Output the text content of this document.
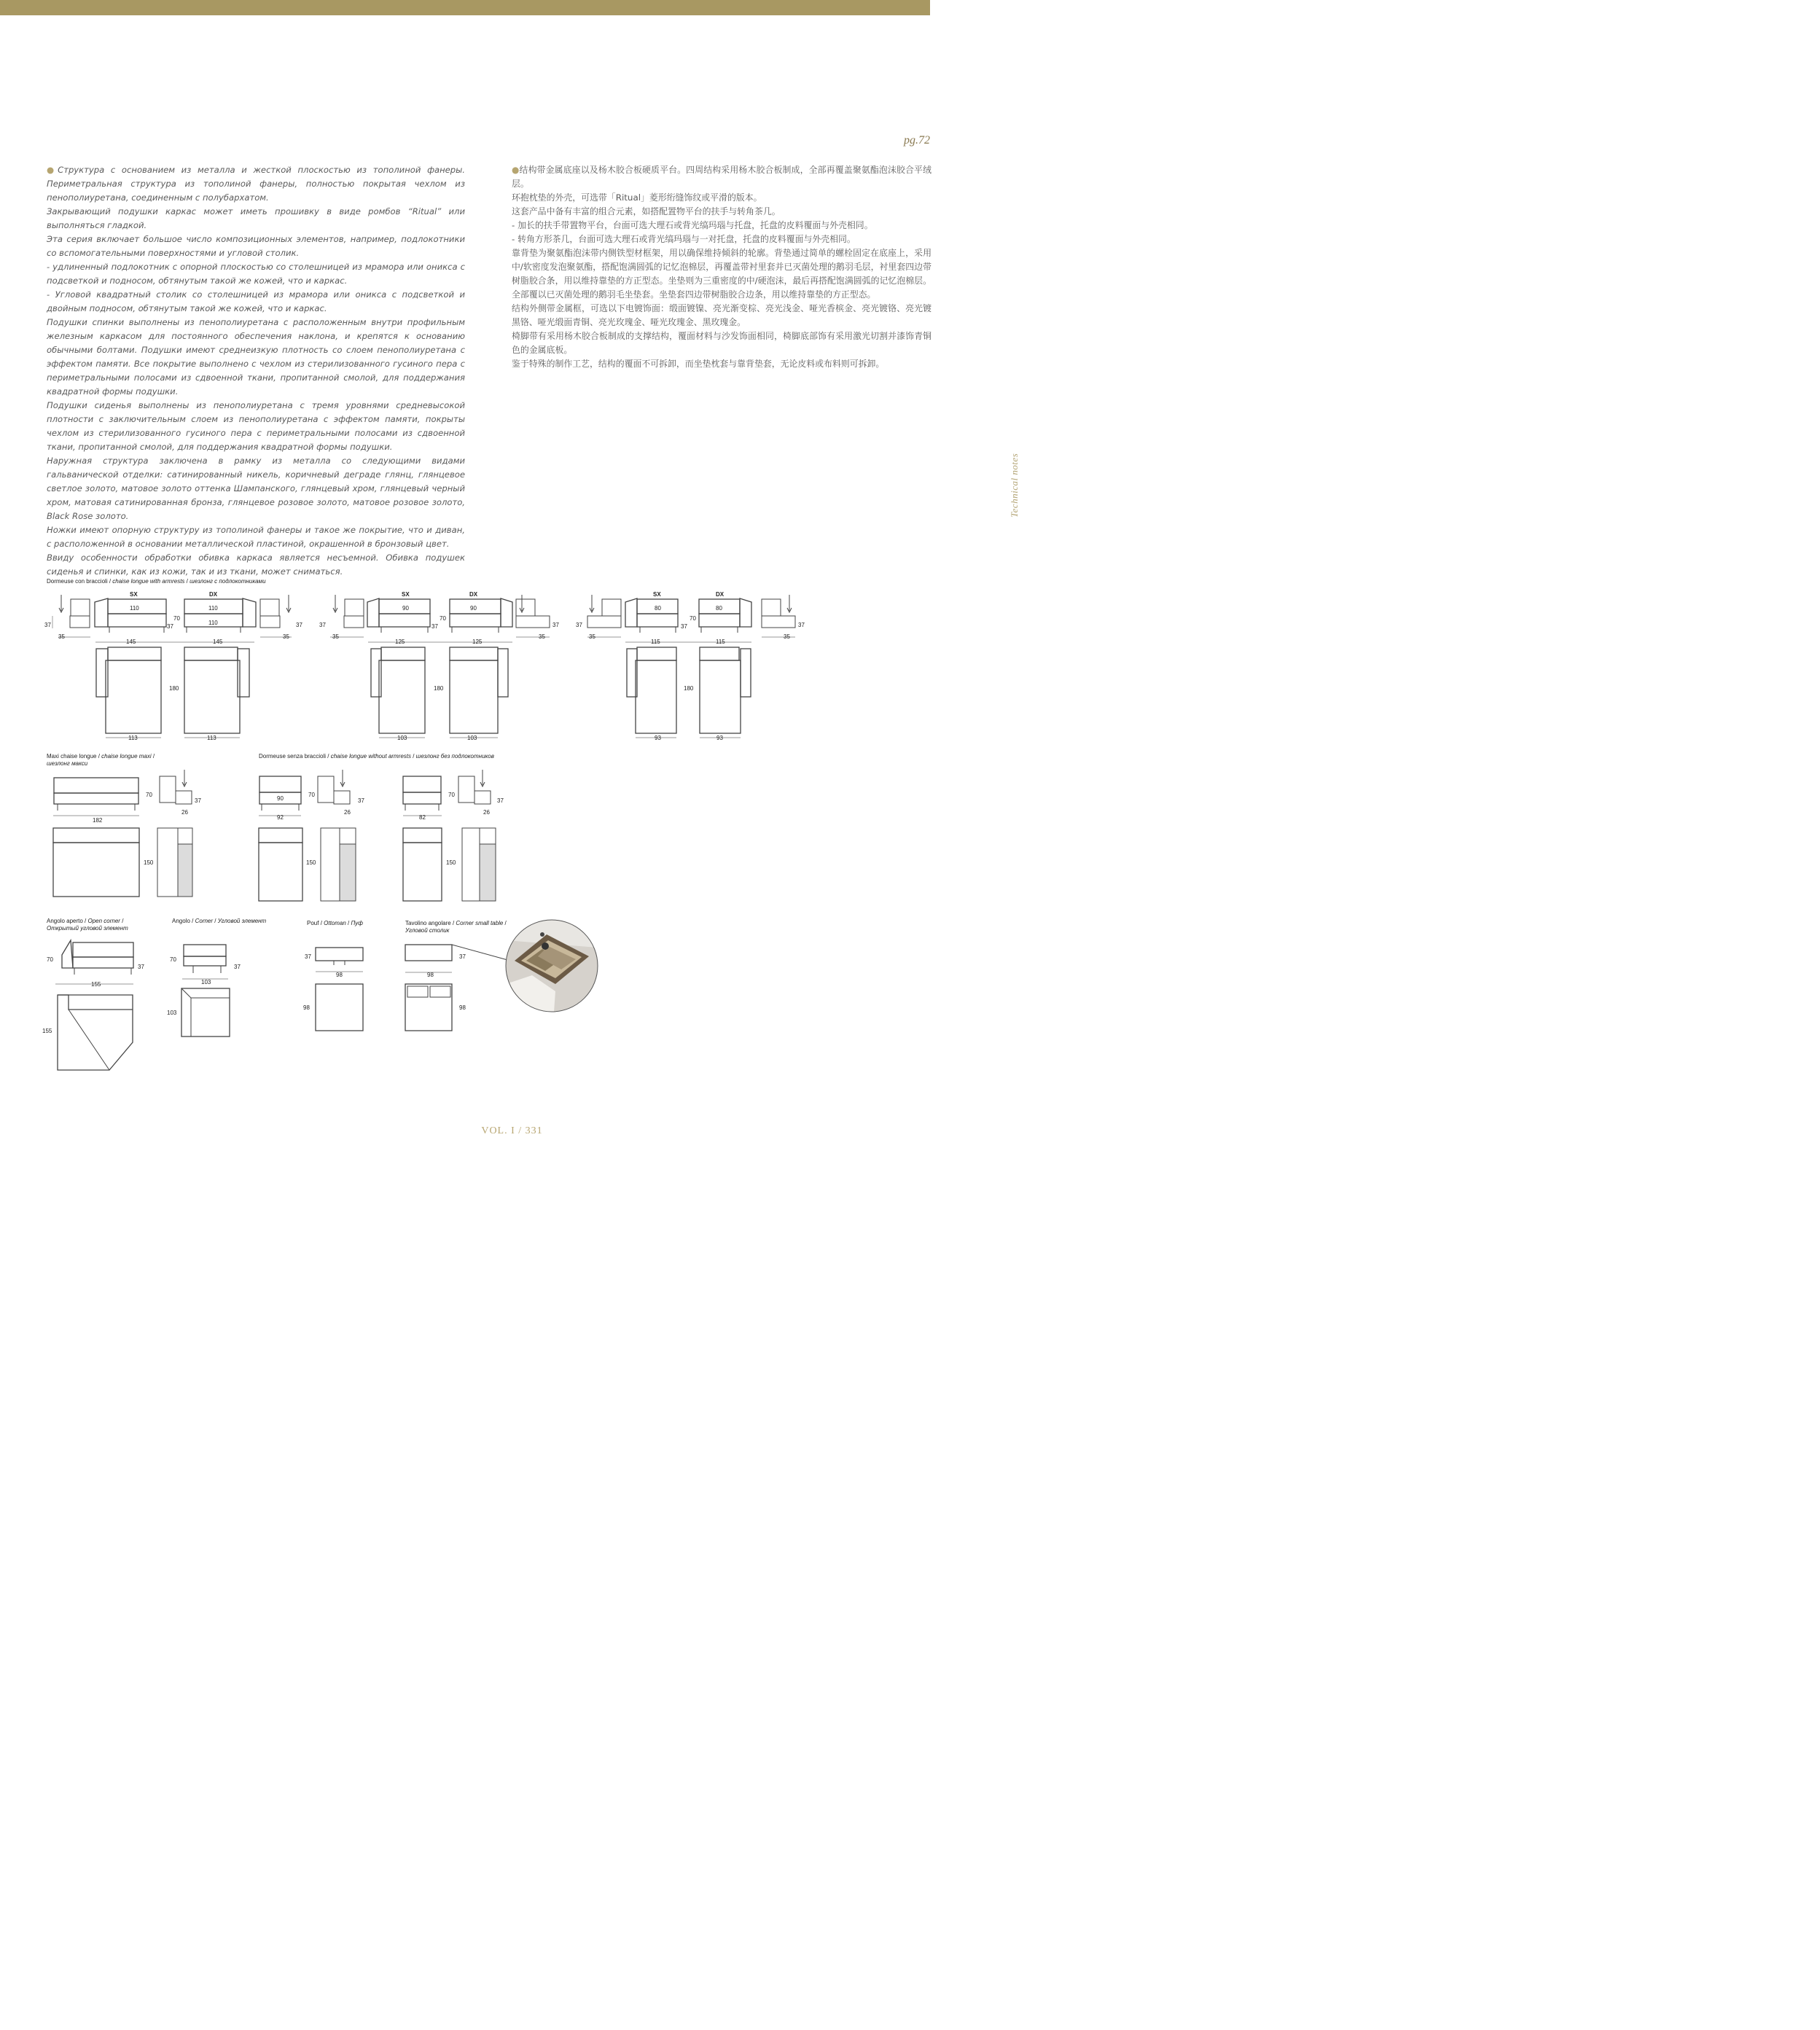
pg.72
Technical notes

●Структура с основанием из металла и жесткой плоскостью из тополиной фанеры. Периметральная структура из тополиной фанеры, полностью покрытая чехлом из пенополиуретана, соединенным с полубархатом.

Закрывающий подушки каркас может иметь прошивку в виде ромбов “Ritual” или выполняться гладкой.

Эта серия включает большое число композиционных элементов, например, подлокотники со вспомогательными поверхностями и угловой столик.

- удлиненный подлокотник с опорной плоскостью со столешницей из мрамора или оникса с подсветкой и подносом, обтянутым такой же кожей, что и каркас.

- Угловой квадратный столик со столешницей из мрамора или оникса с подсветкой и двойным подносом, обтянутым такой же кожей, что и каркас.

Подушки спинки выполнены из пенополиуретана с расположенным внутри профильным железным каркасом для постоянного обеспечения наклона, и крепятся к основанию обычными болтами. Подушки имеют среднеизкую плотность со слоем пенополиуретана с эффектом памяти. Все покрытие выполнено с чехлом из стерилизованного гусиного пера с периметральными полосами из сдвоенной ткани, пропитанной смолой, для поддержания квадратной формы подушки.

Подушки сиденья выполнены из пенополиуретана с тремя уровнями средневысокой плотности с заключительным слоем из пенополиуретана с эффектом памяти, покрыты чехлом из стерилизованного гусиного пера с периметральными полосами из сдвоенной ткани, пропитанной смолой, для поддержания квадратной формы подушки.

Наружная структура заключена в рамку из металла со следующими видами гальванической отделки: сатинированный никель, коричневый деграде глянц, глянцевое светлое золото, матовое золото оттенка Шампанского, глянцевый хром, глянцевый черный хром, матовая сатинированная бронза, глянцевое розовое золото, матовое розовое золото, Black Rose золото.

Ножки имеют опорную структуру из тополиной фанеры и такое же покрытие, что и диван, с расположенной в основании металлической пластиной, окрашенной в бронзовый цвет.

Ввиду особенности обработки обивка каркаса является несъемной. Обивка подушек сиденья и спинки, как из кожи, так и из ткани, может сниматься.

●结构带金属底座以及杨木胶合板硬质平台。四周结构采用杨木胶合板制成，全部再覆盖聚氨酯泡沫胶合平绒层。

环抱枕垫的外壳，可选带「Ritual」菱形绗缝饰纹或平滑的版本。

这套产品中备有丰富的组合元素，如搭配置物平台的扶手与转角茶几。

- 加长的扶手带置物平台，台面可选大理石或背光缟玛瑙与托盘，托盘的皮料覆面与外壳相同。

- 转角方形茶几，台面可选大理石或背光缟玛瑙与一对托盘，托盘的皮料覆面与外壳相同。

靠背垫为聚氨酯泡沫带内侧铁型材框架，用以确保维持倾斜的轮廓。背垫通过简单的螺栓固定在底座上，采用中/软密度发泡聚氨酯，搭配饱满圆弧的记忆泡棉层，再覆盖带衬里套并已灭菌处理的鹅羽毛层，衬里套四边带树脂胶合条，用以维持靠垫的方正型态。坐垫则为三重密度的中/硬泡沫，最后再搭配饱满圆弧的记忆泡棉层。全部覆以已灭菌处理的鹅羽毛坐垫套。坐垫套四边带树脂胶合边条，用以维持靠垫的方正型态。

结构外侧带金属框，可选以下电镀饰面：缎面镀镍、亮光渐变棕、亮光浅金、哑光香槟金、亮光镀铬、亮光镀黑铬、哑光缎面青铜、亮光玫瑰金、哑光玫瑰金、黑玫瑰金。

椅脚带有采用杨木胶合板制成的支撑结构，覆面材料与沙发饰面相同，椅脚底部饰有采用激光切割并漆饰青铜色的金属底板。

鉴于特殊的制作工艺，结构的覆面不可拆卸，而坐垫枕套与靠背垫套，无论皮料或布料则可拆卸。

Dormeuse con braccioli / chaise longue with armrests / шезлонг с подлокотниками
Maxi chaise longue / chaise longue maxi /
шезлонг макси
Dormeuse senza braccioli / chaise longue without armrests / шезлонг без подлокотников
Angolo aperto / Open corner /
Открытый угловой элемент
Angolo / Corner / Угловой элемент	Pouf / Ottoman / Пуф	Tavolino angolare / Corner small table /
Угловой столик
SX	DX
110	110
110
70
37
37	37
35	35
145	145
180
113	113
SX	DX
90	90
70
37
37	37
35	35
125	125
180
103	103
SX	DX
80	80
70
37
37	37
35	35
115	115
180
93	93
70
37
26
182
150
90
70
37
26
92
150
70
37
26
82
150
70
37
155
155
70
37
103
103
37
98
98
37
98
98
VOL. I / 331
